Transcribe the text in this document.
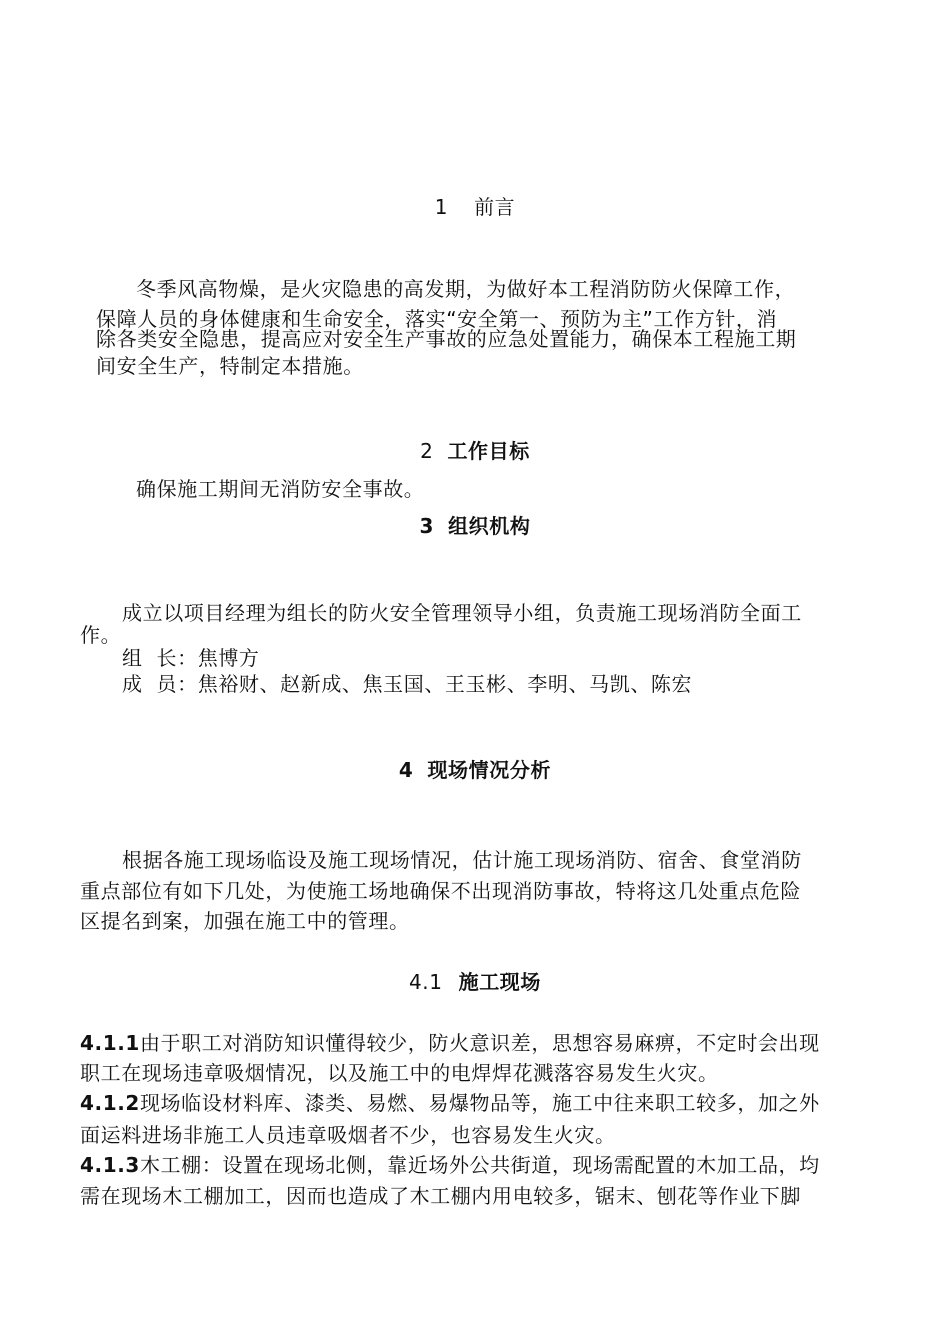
1 前言
冬季风高物燥，是火灾隐患的高发期，为做好本工程消防防火保障工作，
保障人员的身体健康和生命安全，落实“安全第一、预防为主”工作方针，消
除各类安全隐患，提高应对安全生产事故的应急处置能力，确保本工程施工期
间安全生产，特制定本措施。
2 工作目标
确保施工期间无消防安全事故。
3 组织机构
成立以项目经理为组长的防火安全管理领导小组，负责施工现场消防全面工
作。
组  长：焦博方
成  员：焦裕财、赵新成、焦玉国、王玉彬、李明、马凯、陈宏
4 现场情况分析
根据各施工现场临设及施工现场情况，估计施工现场消防、宿舍、食堂消防
重点部位有如下几处，为使施工场地确保不出现消防事故，特将这几处重点危险
区提名到案，加强在施工中的管理。
4.1 施工现场
4.1.1由于职工对消防知识懂得较少，防火意识差，思想容易麻痹，不定时会出现
职工在现场违章吸烟情况，以及施工中的电焊焊花溅落容易发生火灾。
4.1.2现场临设材料库、漆类、易燃、易爆物品等，施工中往来职工较多，加之外
面运料进场非施工人员违章吸烟者不少，也容易发生火灾。
4.1.3木工棚：设置在现场北侧，靠近场外公共街道，现场需配置的木加工品，均
需在现场木工棚加工，因而也造成了木工棚内用电较多，锯末、刨花等作业下脚
